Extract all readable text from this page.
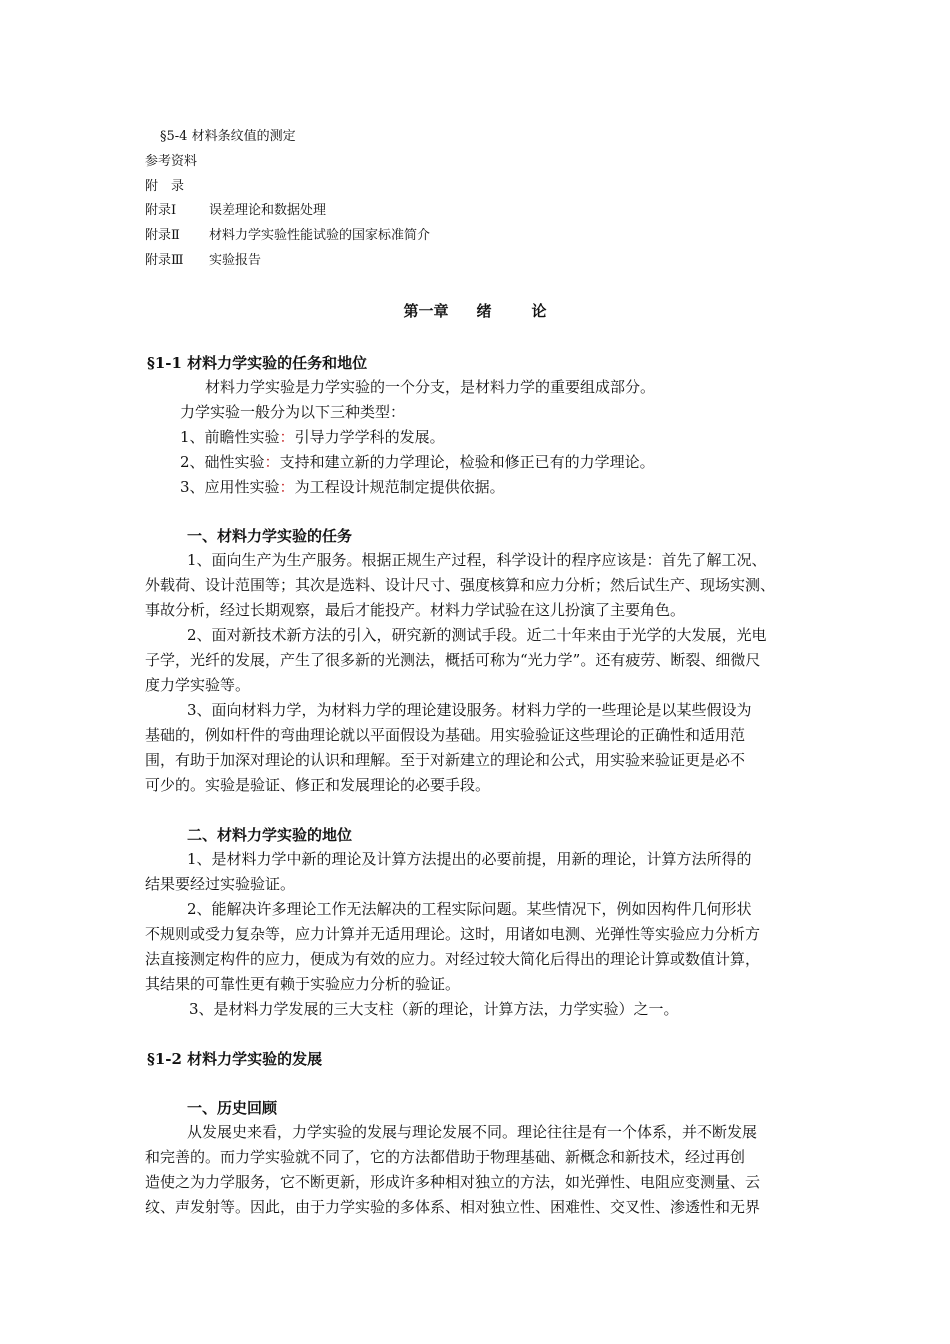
§5-4 材料条纹值的测定
参考资料
附　录
附录Ⅰ	误差理论和数据处理
附录Ⅱ 材料力学实验性能试验的国家标准简介
附录Ⅲ 实验报告
第一章 绪	论
§1-1 材料力学实验的任务和地位
材料力学实验是力学实验的一个分支，是材料力学的重要组成部分。
力学实验一般分为以下三种类型：
1、前瞻性实验：引导力学学科的发展。
2、础性实验：支持和建立新的力学理论，检验和修正已有的力学理论。
3、应用性实验：为工程设计规范制定提供依据。
一、材料力学实验的任务
1、面向生产为生产服务。根据正规生产过程，科学设计的程序应该是：首先了解工况、
外载荷、设计范围等；其次是选料、设计尺寸、强度核算和应力分析；然后试生产、现场实测、
事故分析，经过长期观察，最后才能投产。材料力学试验在这儿扮演了主要角色。
2、面对新技术新方法的引入，研究新的测试手段。近二十年来由于光学的大发展，光电
子学，光纤的发展，产生了很多新的光测法，概括可称为“光力学”。还有疲劳、断裂、细微尺
度力学实验等。
3、面向材料力学，为材料力学的理论建设服务。材料力学的一些理论是以某些假设为
基础的，例如杆件的弯曲理论就以平面假设为基础。用实验验证这些理论的正确性和适用范
围，有助于加深对理论的认识和理解。至于对新建立的理论和公式，用实验来验证更是必不
可少的。实验是验证、修正和发展理论的必要手段。
二、材料力学实验的地位
1、是材料力学中新的理论及计算方法提出的必要前提，用新的理论，计算方法所得的
结果要经过实验验证。
2、能解决许多理论工作无法解决的工程实际问题。某些情况下，例如因构件几何形状
不规则或受力复杂等，应力计算并无适用理论。这时，用诸如电测、光弹性等实验应力分析方
法直接测定构件的应力，便成为有效的应力。对经过较大简化后得出的理论计算或数值计算，
其结果的可靠性更有赖于实验应力分析的验证。
3、是材料力学发展的三大支柱（新的理论，计算方法，力学实验）之一。
§1-2 材料力学实验的发展
一、历史回顾
从发展史来看，力学实验的发展与理论发展不同。理论往往是有一个体系，并不断发展
和完善的。而力学实验就不同了，它的方法都借助于物理基础、新概念和新技术，经过再创
造使之为力学服务，它不断更新，形成许多种相对独立的方法，如光弹性、电阻应变测量、云
纹、声发射等。因此，由于力学实验的多体系、相对独立性、困难性、交叉性、渗透性和无界
